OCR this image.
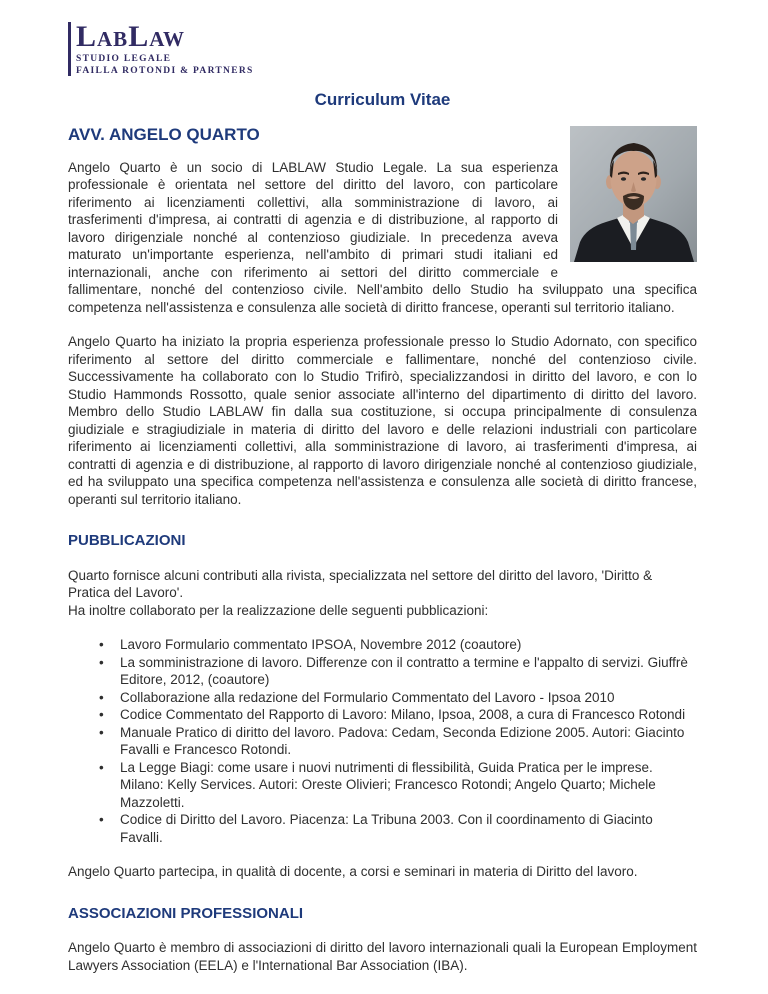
LABLAW
STUDIO LEGALE
FAILLA ROTONDI & PARTNERS
Curriculum Vitae
AVV. ANGELO QUARTO

Angelo Quarto è un socio di LABLAW Studio Legale. La sua esperienza professionale è orientata nel settore del diritto del lavoro, con particolare riferimento ai licenziamenti collettivi, alla somministrazione di lavoro, ai trasferimenti d'impresa, ai contratti di agenzia e di distribuzione, al rapporto di lavoro dirigenziale nonché al contenzioso giudiziale. In precedenza aveva maturato un'importante esperienza, nell'ambito di primari studi italiani ed internazionali, anche con riferimento ai settori del diritto commerciale e fallimentare, nonché del contenzioso civile. Nell'ambito dello Studio ha sviluppato una specifica competenza nell'assistenza e consulenza alle società di diritto francese, operanti sul territorio italiano.

Angelo Quarto ha iniziato la propria esperienza professionale presso lo Studio Adornato, con specifico riferimento al settore del diritto commerciale e fallimentare, nonché del contenzioso civile. Successivamente ha collaborato con lo Studio Trifirò, specializzandosi in diritto del lavoro, e con lo Studio Hammonds Rossotto, quale senior associate all'interno del dipartimento di diritto del lavoro. Membro dello Studio LABLAW fin dalla sua costituzione, si occupa principalmente di consulenza giudiziale e stragiudiziale in materia di diritto del lavoro e delle relazioni industriali con particolare riferimento ai licenziamenti collettivi, alla somministrazione di lavoro, ai trasferimenti d'impresa, ai contratti di agenzia e di distribuzione, al rapporto di lavoro dirigenziale nonché al contenzioso giudiziale, ed ha sviluppato una specifica competenza nell'assistenza e consulenza alle società di diritto francese, operanti sul territorio italiano.

PUBBLICAZIONI

Quarto fornisce alcuni contributi alla rivista, specializzata nel settore del diritto del lavoro, 'Diritto & Pratica del Lavoro'.
Ha inoltre collaborato per la realizzazione delle seguenti pubblicazioni:

• Lavoro Formulario commentato IPSOA, Novembre 2012 (coautore)
• La somministrazione di lavoro. Differenze con il contratto a termine e l'appalto di servizi. Giuffrè Editore, 2012, (coautore)
• Collaborazione alla redazione del Formulario Commentato del Lavoro - Ipsoa 2010
• Codice Commentato del Rapporto di Lavoro: Milano, Ipsoa, 2008, a cura di Francesco Rotondi
• Manuale Pratico di diritto del lavoro. Padova: Cedam, Seconda Edizione 2005. Autori: Giacinto Favalli e Francesco Rotondi.
• La Legge Biagi: come usare i nuovi nutrimenti di flessibilità, Guida Pratica per le imprese. Milano: Kelly Services. Autori: Oreste Olivieri; Francesco Rotondi; Angelo Quarto; Michele Mazzoletti.
• Codice di Diritto del Lavoro. Piacenza: La Tribuna 2003. Con il coordinamento di Giacinto Favalli.

Angelo Quarto partecipa, in qualità di docente, a corsi e seminari in materia di Diritto del lavoro.

ASSOCIAZIONI PROFESSIONALI

Angelo Quarto è membro di associazioni di diritto del lavoro internazionali quali la European Employment Lawyers Association (EELA) e l'International Bar Association (IBA).
